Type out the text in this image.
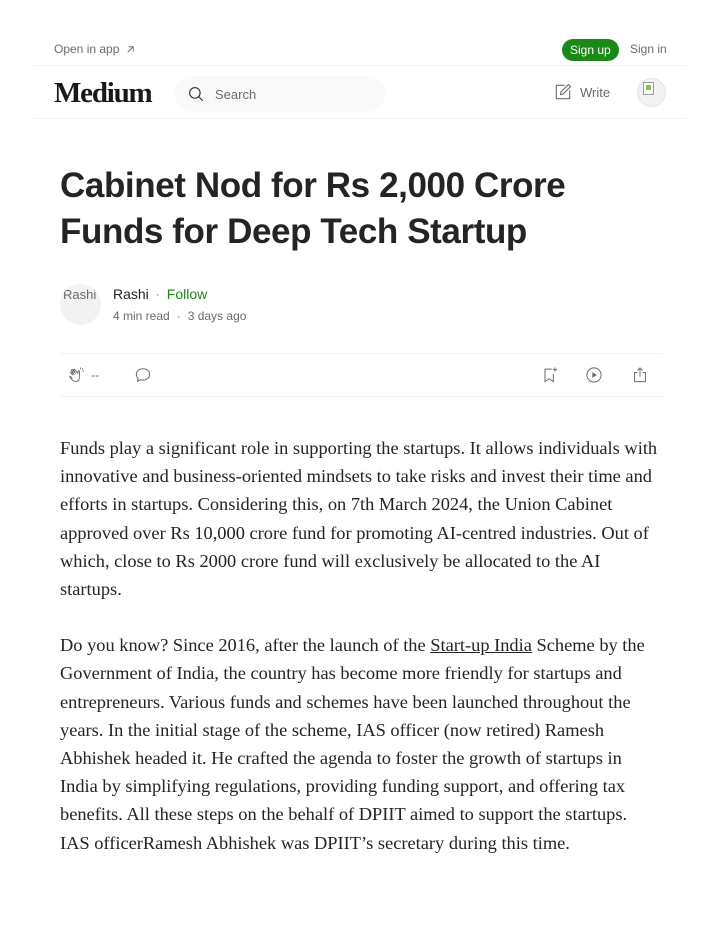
Open in app	Sign up	Sign in
Medium
Search	Write
Cabinet Nod for Rs 2,000 Crore Funds for Deep Tech Startup
Rashi	Rashi · Follow
4 min read · 3 days ago
--

Funds play a significant role in supporting the startups. It allows individuals with innovative and business-oriented mindsets to take risks and invest their time and efforts in startups. Considering this, on 7th March 2024, the Union Cabinet approved over Rs 10,000 crore fund for promoting AI-centred industries. Out of which, close to Rs 2000 crore fund will exclusively be allocated to the AI startups.

Do you know? Since 2016, after the launch of the Start-up India Scheme by the Government of India, the country has become more friendly for startups and entrepreneurs. Various funds and schemes have been launched throughout the years. In the initial stage of the scheme, IAS officer (now retired) Ramesh Abhishek headed it. He crafted the agenda to foster the growth of startups in India by simplifying regulations, providing funding support, and offering tax benefits. All these steps on the behalf of DPIIT aimed to support the startups. IAS officerRamesh Abhishek was DPIIT’s secretary during this time.
